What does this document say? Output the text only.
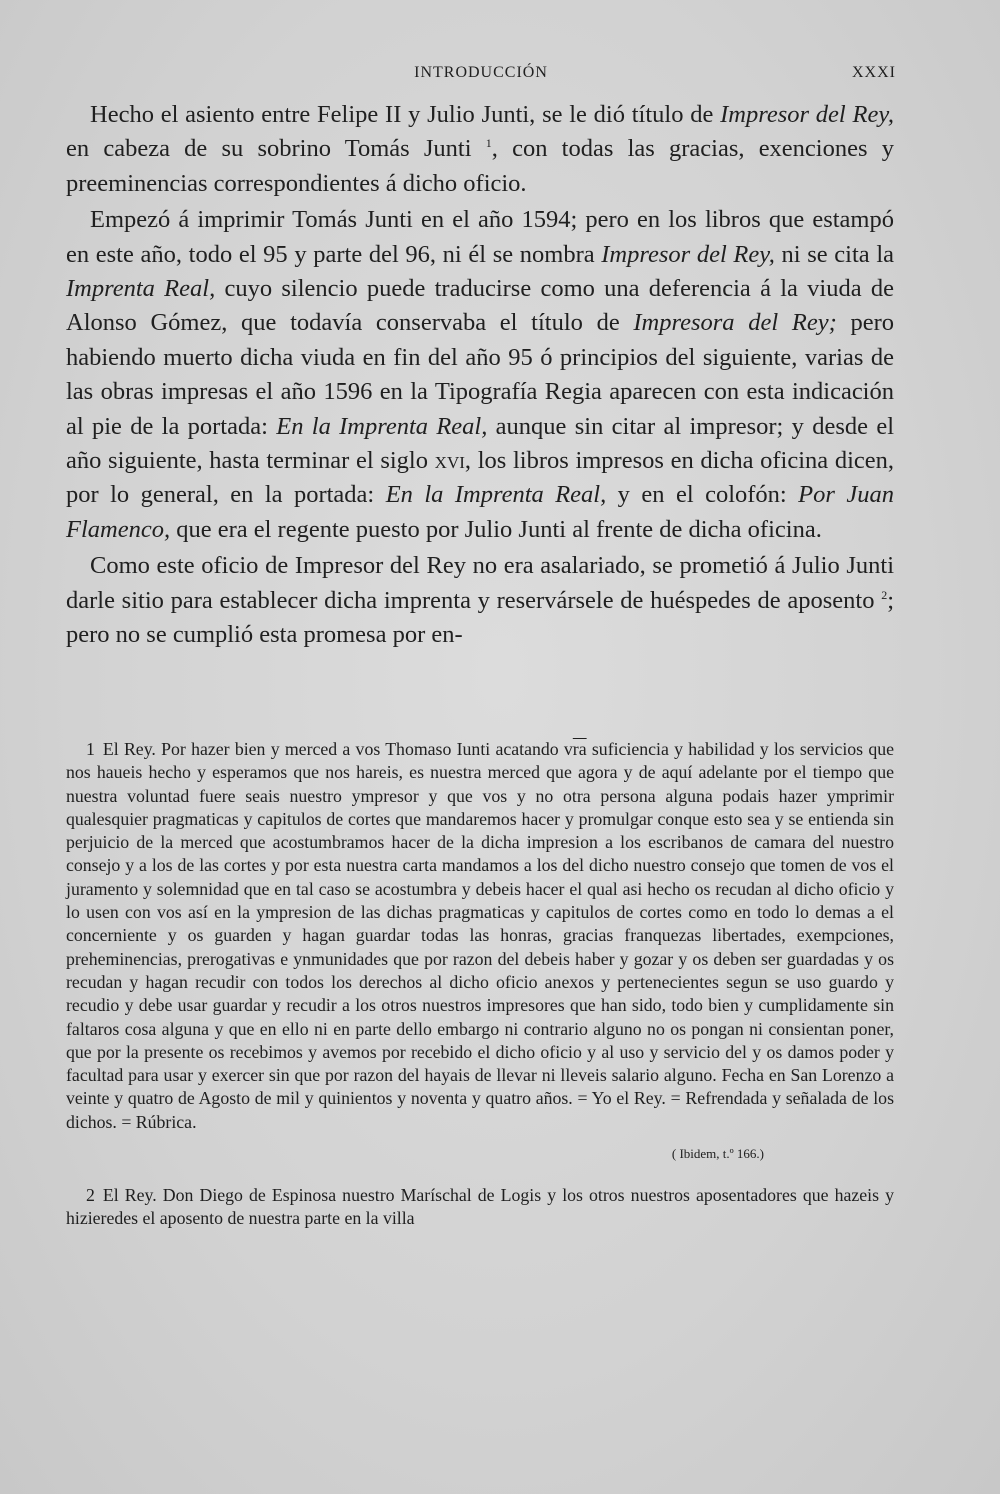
INTRODUCCIÓN	XXXI

Hecho el asiento entre Felipe II y Julio Junti, se le dió título de Impresor del Rey, en cabeza de su sobrino Tomás Junti $^1$, con todas las gracias, exenciones y preeminencias correspondientes á dicho oficio.

Empezó á imprimir Tomás Junti en el año 1594; pero en los libros que estampó en este año, todo el 95 y parte del 96, ni él se nombra Impresor del Rey, ni se cita la Imprenta Real, cuyo silencio puede traducirse como una deferencia á la viuda de Alonso Gómez, que todavía conservaba el título de Impresora del Rey; pero habiendo muerto dicha viuda en fin del año 95 ó principios del siguiente, varias de las obras impresas el año 1596 en la Tipografía Regia aparecen con esta indicación al pie de la portada: En la Imprenta Real, aunque sin citar al impresor; y desde el año siguiente, hasta terminar el siglo xvi, los libros impresos en dicha oficina dicen, por lo general, en la portada: En la Imprenta Real, y en el colofón: Por Juan Flamenco, que era el regente puesto por Julio Junti al frente de dicha oficina.

Como este oficio de Impresor del Rey no era asalariado, se prometió á Julio Junti darle sitio para establecer dicha imprenta y reservársele de huéspedes de aposento $^2$; pero no se cumplió esta promesa por en-

1 El Rey. Por hazer bien y merced a vos Thomaso Iunti acatando $v\overline{ra}$ suficiencia y habilidad y los servicios que nos haueis hecho y esperamos que nos hareis, es nuestra merced que agora y de aquí adelante por el tiempo que nuestra voluntad fuere seais nuestro ympresor y que vos y no otra persona alguna podais hazer ymprimir qualesquier pragmaticas y capitulos de cortes que mandaremos hacer y promulgar conque esto sea y se entienda sin perjuicio de la merced que acostumbramos hacer de la dicha impresion a los escribanos de camara del nuestro consejo y a los de las cortes y por esta nuestra carta mandamos a los del dicho nuestro consejo que tomen de vos el juramento y solemnidad que en tal caso se acostumbra y debeis hacer el qual asi hecho os recudan al dicho oficio y lo usen con vos así en la ympresion de las dichas pragmaticas y capitulos de cortes como en todo lo demas a el concerniente y os guarden y hagan guardar todas las honras, gracias franquezas libertades, exempciones, preheminencias, prerogativas e ynmunidades que por razon del debeis haber y gozar y os deben ser guardadas y os recudan y hagan recudir con todos los derechos al dicho oficio anexos y pertenecientes segun se uso guardo y recudio y debe usar guardar y recudir a los otros nuestros impresores que han sido, todo bien y cumplidamente sin faltaros cosa alguna y que en ello ni en parte dello embargo ni contrario alguno no os pongan ni consientan poner, que por la presente os recebimos y avemos por recebido el dicho oficio y al uso y servicio del y os damos poder y facultad para usar y exercer sin que por razon del hayais de llevar ni lleveis salario alguno. Fecha en San Lorenzo a veinte y quatro de Agosto de mil y quinientos y noventa y quatro años. = Yo el Rey. = Refrendada y señalada de los dichos. = Rúbrica.

( Ibidem, t.º 166.)

2 El Rey. Don Diego de Espinosa nuestro Maríschal de Logis y los otros nuestros aposentadores que hazeis y hizieredes el aposento de nuestra parte en la villa
